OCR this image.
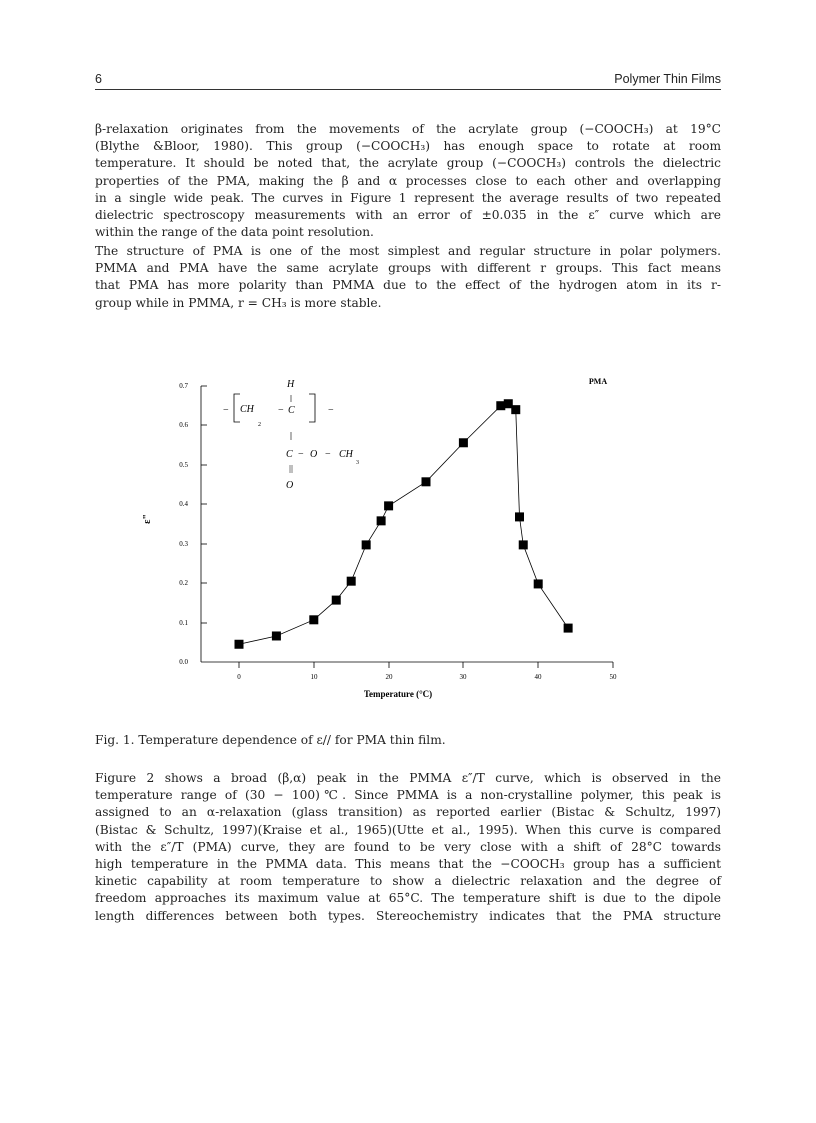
6	Polymer Thin Films
β-relaxation originates from the movements of the acrylate group (−COOCH₃) at 19°C
(Blythe &Bloor, 1980). This group (−COOCH₃) has enough space to rotate at room
temperature. It should be noted that, the acrylate group (−COOCH₃) controls the dielectric
properties of the PMA, making the β and α processes close to each other and overlapping
in a single wide peak. The curves in Figure 1 represent the average results of two repeated
dielectric spectroscopy measurements with an error of ±0.035 in the ε″ curve which are
within the range of the data point resolution.
The structure of PMA is one of the most simplest and regular structure in polar polymers.
PMMA and PMA have the same acrylate groups with different r groups. This fact means
that PMA has more polarity than PMMA due to the effect of the hydrogen atom in its r-
group while in PMMA, r = CH₃ is more stable.
0.7
0.6
0.5
0.4
0.3
0.2
0.1
0.0
0	10	20	30	40	50
Temperature (°C)
ε"
PMA
H
− CH
2
− C	−
C − O − CH
3
O
Fig. 1. Temperature dependence of ε// for PMA thin film.
Figure 2 shows a broad (β,α) peak in the PMMA ε″/T curve, which is observed in the
temperature range of (30 − 100)℃. Since PMMA is a non-crystalline polymer, this peak is
assigned to an α-relaxation (glass transition) as reported earlier (Bistac & Schultz, 1997)
(Bistac & Schultz, 1997)(Kraise et al., 1965)(Utte et al., 1995). When this curve is compared
with the ε″/T (PMA) curve, they are found to be very close with a shift of 28°C towards
high temperature in the PMMA data. This means that the −COOCH₃ group has a sufficient
kinetic capability at room temperature to show a dielectric relaxation and the degree of
freedom approaches its maximum value at 65°C. The temperature shift is due to the dipole
length differences between both types. Stereochemistry indicates that the PMA structure
